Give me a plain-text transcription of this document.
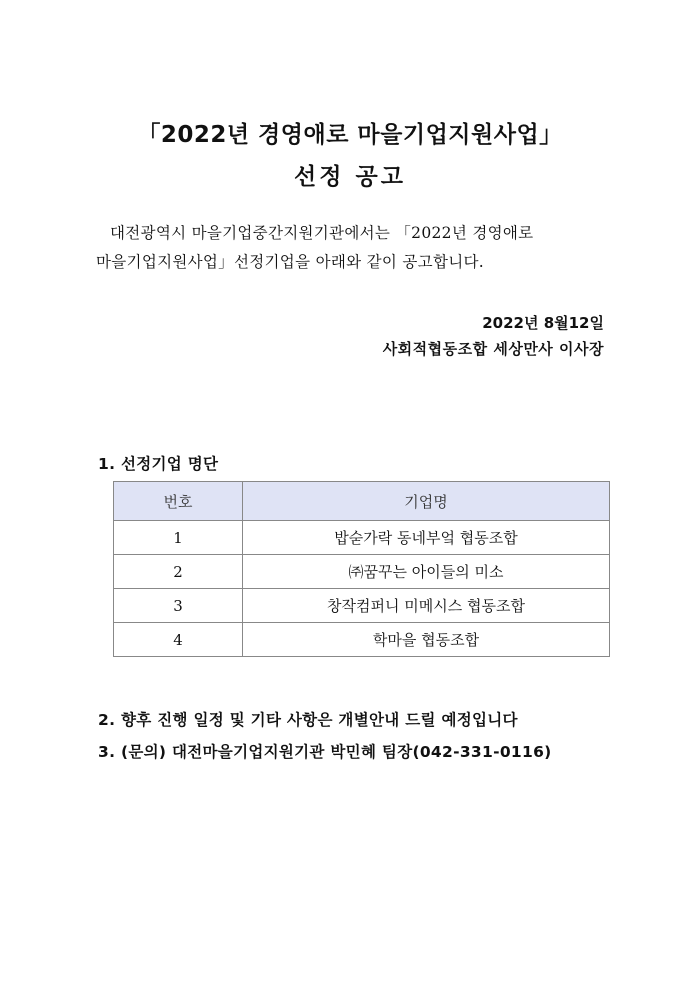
「2022년 경영애로 마을기업지원사업」
선정 공고
대전광역시 마을기업중간지원기관에서는 「2022년 경영애로
마을기업지원사업」선정기업을 아래와 같이 공고합니다.
2022년 8월12일
사회적협동조합 세상만사 이사장
1. 선정기업 명단
번호	기업명
1	밥숟가락 동네부엌 협동조합
2	㈜꿈꾸는 아이들의 미소
3	창작컴퍼니 미메시스 협동조합
4	학마을 협동조합
2. 향후 진행 일정 및 기타 사항은 개별안내 드릴 예정입니다
3. (문의) 대전마을기업지원기관 박민혜 팀장(042-331-0116)
